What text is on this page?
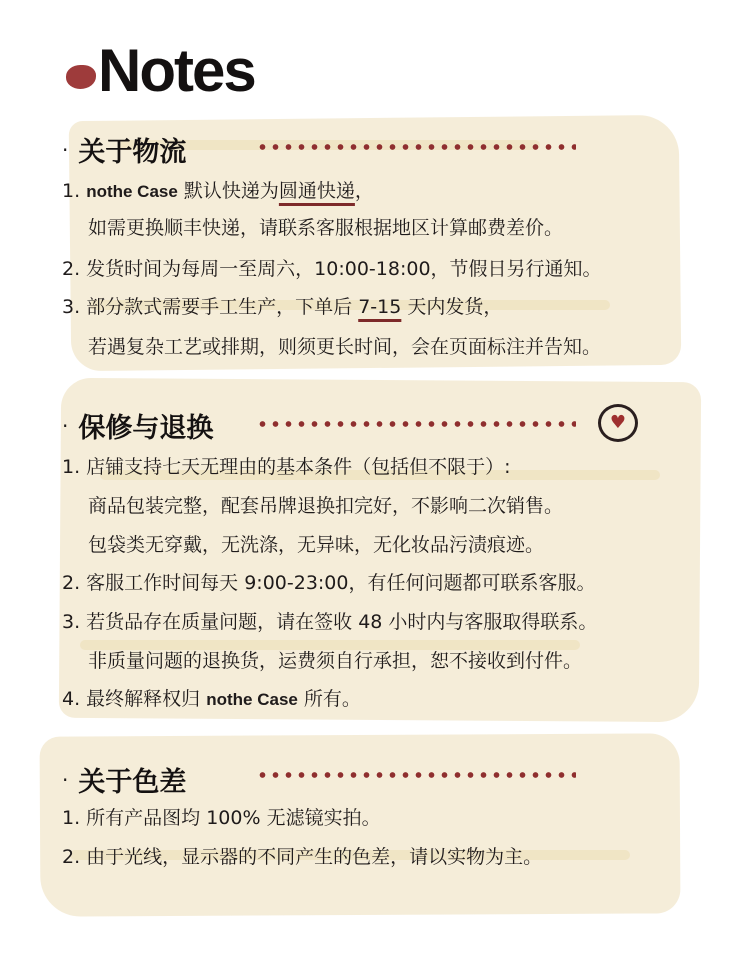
Notes
· 关于物流
1. nothe Case 默认快递为圆通快递，
如需更换顺丰快递，请联系客服根据地区计算邮费差价。
2. 发货时间为每周一至周六，10:00-18:00，节假日另行通知。
3. 部分款式需要手工生产，下单后 7-15 天内发货，
若遇复杂工艺或排期，则须更长时间，会在页面标注并告知。
· 保修与退换	♥
1. 店铺支持七天无理由的基本条件（包括但不限于）:
商品包装完整，配套吊牌退换扣完好，不影响二次销售。
包袋类无穿戴，无洗涤，无异味，无化妆品污渍痕迹。
2. 客服工作时间每天 9:00-23:00，有任何问题都可联系客服。
3. 若货品存在质量问题，请在签收 48 小时内与客服取得联系。
非质量问题的退换货，运费须自行承担，恕不接收到付件。
4. 最终解释权归 nothe Case 所有。
· 关于色差
1. 所有产品图均 100% 无滤镜实拍。
2. 由于光线，显示器的不同产生的色差，请以实物为主。
